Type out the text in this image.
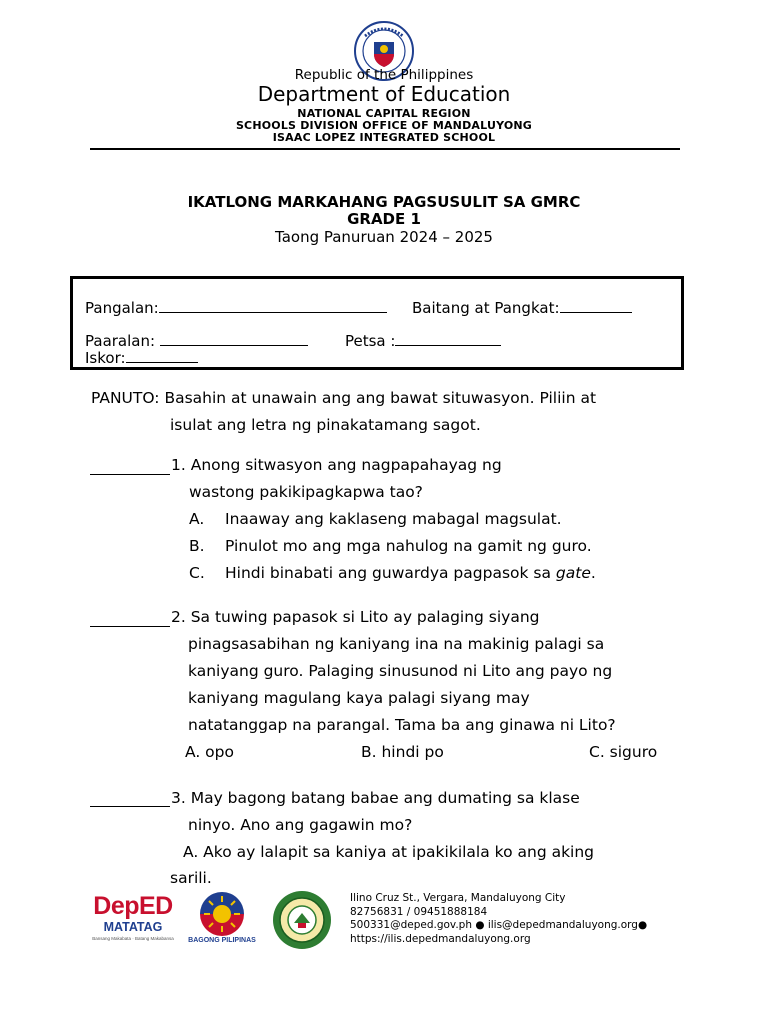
Republic of the Philippines
Department of Education
NATIONAL CAPITAL REGION
SCHOOLS DIVISION OFFICE OF MANDALUYONG
ISAAC LOPEZ INTEGRATED SCHOOL
IKATLONG MARKAHANG PAGSUSULIT SA GMRC
GRADE 1
Taong Panuruan 2024 – 2025
Pangalan:	Baitang at Pangkat:
Paaralan:	Petsa :
Iskor:
PANUTO: Basahin at unawain ang ang bawat situwasyon. Piliin at
isulat ang letra ng pinakatamang sagot.
1. Anong sitwasyon ang nagpapahayag ng
wastong pakikipagkapwa tao?
A. Inaaway ang kaklaseng mabagal magsulat.
B. Pinulot mo ang mga nahulog na gamit ng guro.
C. Hindi binabati ang guwardya pagpasok sa gate.
2. Sa tuwing papasok si Lito ay palaging siyang
pinagsasabihan ng kaniyang ina na makinig palagi sa
kaniyang guro. Palaging sinusunod ni Lito ang payo ng
kaniyang magulang kaya palagi siyang may
natatanggap na parangal. Tama ba ang ginawa ni Lito?
A. opo	B. hindi po	C. siguro
3. May bagong batang babae ang dumating sa klase
ninyo. Ano ang gagawin mo?
A. Ako ay lalapit sa kaniya at ipakikilala ko ang aking
sarili.
DepED
MATATAG
Bansang Makabata · Batang Makabansa	BAGONG PILIPINAS
Ilino Cruz St., Vergara, Mandaluyong City
82756831 / 09451888184
500331@deped.gov.ph ● ilis@depedmandaluyong.org●
https://ilis.depedmandaluyong.org
